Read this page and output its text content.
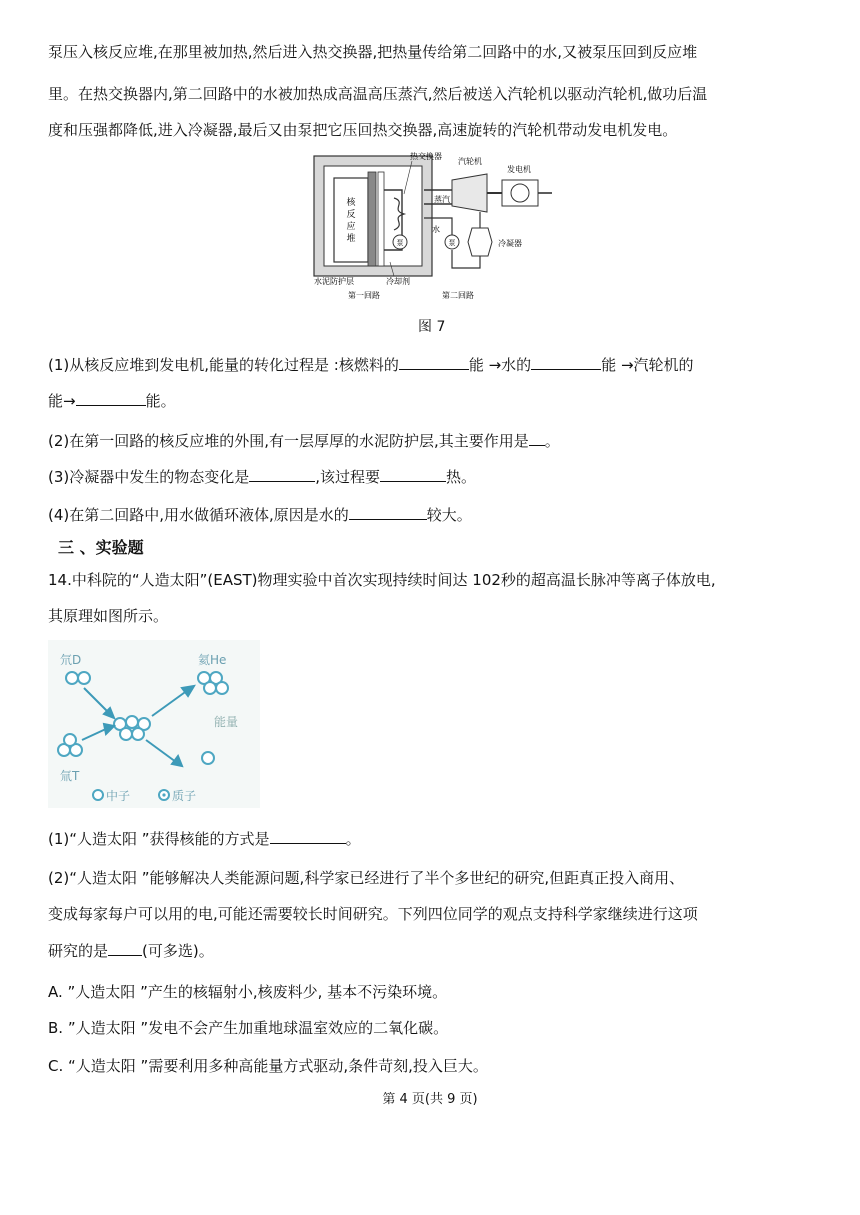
泵压入核反应堆,在那里被加热,然后进入热交换器,把热量传给第二回路中的水,又被泵压回到反应堆
里。在热交换器内,第二回路中的水被加热成高温高压蒸汽,然后被送入汽轮机以驱动汽轮机,做功后温
度和压强都降低,进入冷凝器,最后又由泵把它压回热交换器,高速旋转的汽轮机带动发电机发电。
核
反
应
堆	泵
热交换器
蒸汽
汽轮机
发电机
冷凝器
泵
水
水泥防护层	冷却剂
第一回路	第二回路
图 7
(1)从核反应堆到发电机,能量的转化过程是 :核燃料的	能 →水的	能 →汽轮机的
能→	能。
(2)在第一回路的核反应堆的外围,有一层厚厚的水泥防护层,其主要作用是 。
(3)冷凝器中发生的物态变化是	,该过程要	热。
(4)在第二回路中,用水做循环液体,原因是水的	较大。
三 、实验题
14.中科院的“人造太阳”(EAST)物理实验中首次实现持续时间达 102秒的超高温长脉冲等离子体放电,
其原理如图所示。
氘D
氚T
氦He
能量
中子	质子
(1)“人造太阳 ”获得核能的方式是	。
(2)“人造太阳 ”能够解决人类能源问题,科学家已经进行了半个多世纪的研究,但距真正投入商用、
变成每家每户可以用的电,可能还需要较长时间研究。下列四位同学的观点支持科学家继续进行这项
研究的是 (可多选)。
A. ”人造太阳 ”产生的核辐射小,核废料少, 基本不污染环境。
B. ”人造太阳 ”发电不会产生加重地球温室效应的二氧化碳。
C. “人造太阳 ”需要利用多种高能量方式驱动,条件苛刻,投入巨大。
第 4 页(共 9 页)
